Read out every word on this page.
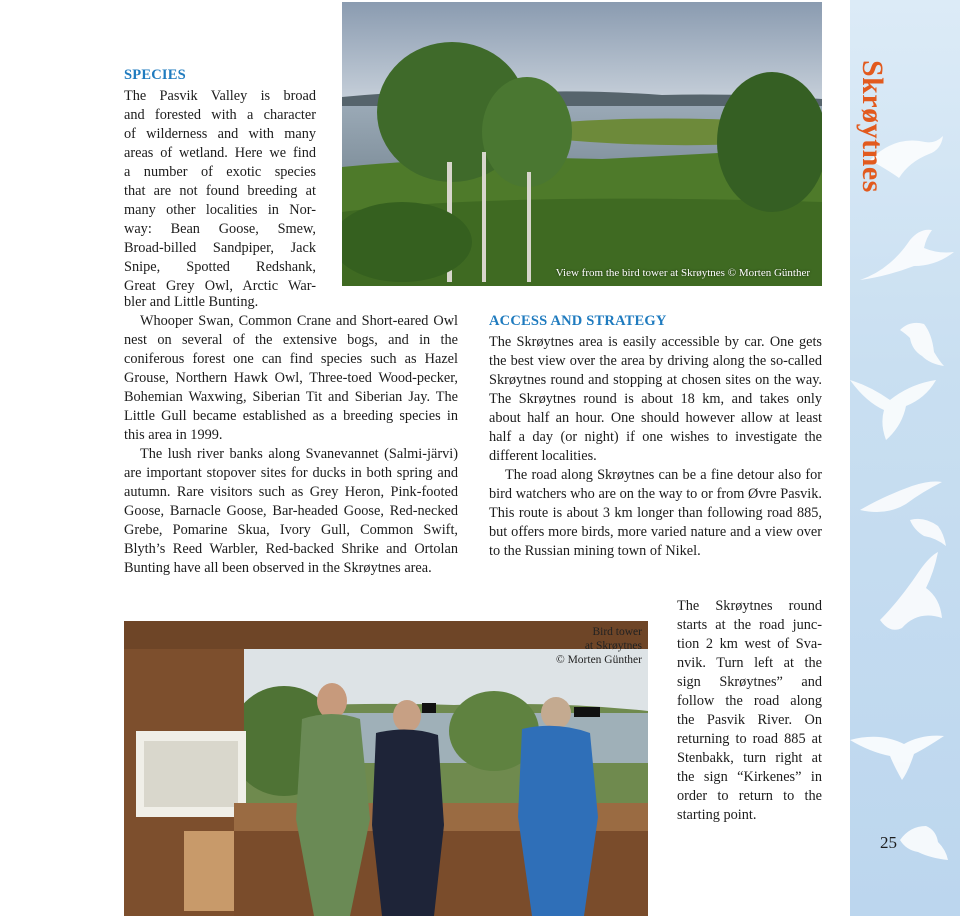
Skrøytnes
25
View from the bird tower at Skrøytnes © Morten Günther
SPECIES

The Pasvik Valley is broad

and forested with a character

of wilderness and with many

areas of wetland. Here we find

a number of exotic species

that are not found breeding at

many other localities in Nor-

way: Bean Goose, Smew,

Broad-billed Sandpiper, Jack

Snipe, Spotted Redshank,

Great Grey Owl, Arctic War-

bler and Little Bunting.

Whooper Swan, Common Crane and Short-eared Owl nest on several of the extensive bogs, and in the coniferous forest one can find species such as Hazel Grouse, Northern Hawk Owl, Three-toed Wood-pecker, Bohemian Waxwing, Siberian Tit and Siberian Jay. The Little Gull became established as a breeding species in this area in 1999.

The lush river banks along Svanevannet (Salmi-järvi) are important stopover sites for ducks in both spring and autumn. Rare visitors such as Grey Heron, Pink-footed Goose, Barnacle Goose, Bar-headed Goose, Red-necked Grebe, Pomarine Skua, Ivory Gull, Common Swift, Blyth’s Reed Warbler, Red-backed Shrike and Ortolan Bunting have all been observed in the Skrøytnes area.

ACCESS AND STRATEGY

The Skrøytnes area is easily accessible by car. One gets the best view over the area by driving along the so-called Skrøytnes round and stopping at chosen sites on the way. The Skrøytnes round is about 18 km, and takes only about half an hour. One should however allow at least half a day (or night) if one wishes to investigate the different localities.

The road along Skrøytnes can be a fine detour also for bird watchers who are on the way to or from Øvre Pasvik. This route is about 3 km longer than following road 885, but offers more birds, more varied nature and a view over to the Russian mining town of Nikel.

The Skrøytnes round

starts at the road junc-

tion 2 km west of Sva-

nvik. Turn left at the

sign Skrøytnes” and

follow the road along

the Pasvik River. On

returning to road 885 at

Stenbakk, turn right at

the sign “Kirkenes” in

order to return to the

starting point.

Bird tower
at Skrøytnes
© Morten Günther
